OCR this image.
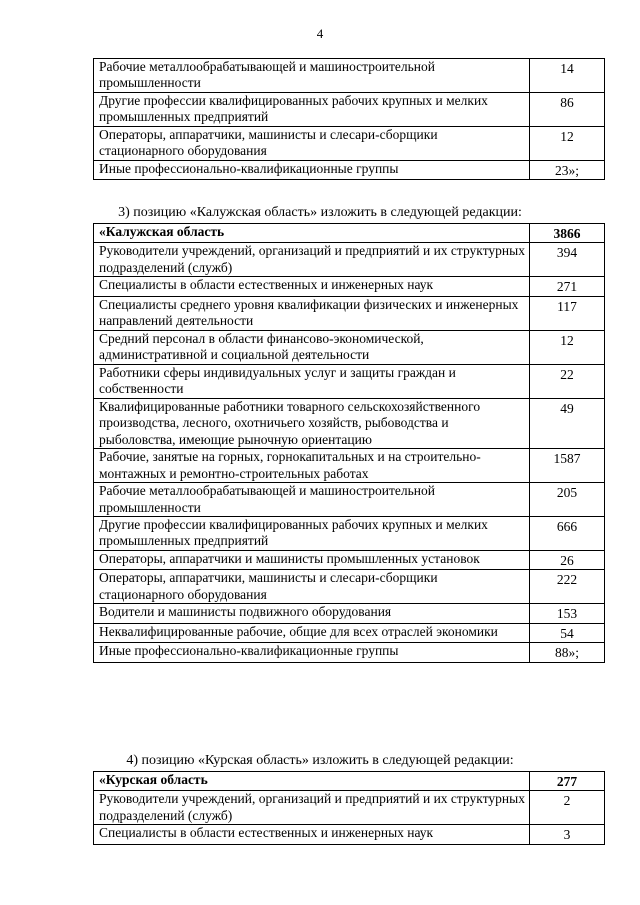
4
Рабочие металлообрабатывающей и машиностроительной промышленности	14
Другие профессии квалифицированных рабочих крупных и мелких промышленных предприятий	86
Операторы, аппаратчики, машинисты и слесари-сборщики стационарного оборудования	12
Иные профессионально-квалификационные группы	23»;
3) позицию «Калужская область» изложить в следующей редакции:
«Калужская область	3866
Руководители учреждений, организаций и предприятий и их структурных подразделений (служб)	394
Специалисты в области естественных и инженерных наук	271
Специалисты среднего уровня квалификации физических и инженерных направлений деятельности	117
Средний персонал в области финансово-экономической, административной и социальной деятельности	12
Работники сферы индивидуальных услуг и защиты граждан и собственности	22
Квалифицированные работники товарного сельскохозяйственного производства, лесного, охотничьего хозяйств, рыбоводства и рыболовства, имеющие рыночную ориентацию	49
Рабочие, занятые на горных, горнокапитальных и на строительно-монтажных и ремонтно-строительных работах	1587
Рабочие металлообрабатывающей и машиностроительной промышленности	205
Другие профессии квалифицированных рабочих крупных и мелких промышленных предприятий	666
Операторы, аппаратчики и машинисты промышленных установок	26
Операторы, аппаратчики, машинисты и слесари-сборщики стационарного оборудования	222
Водители и машинисты подвижного оборудования	153
Неквалифицированные рабочие, общие для всех отраслей экономики	54
Иные профессионально-квалификационные группы	88»;
4) позицию «Курская область» изложить в следующей редакции:
«Курская область	277
Руководители учреждений, организаций и предприятий и их структурных подразделений (служб)	2
Специалисты в области естественных и инженерных наук	3
